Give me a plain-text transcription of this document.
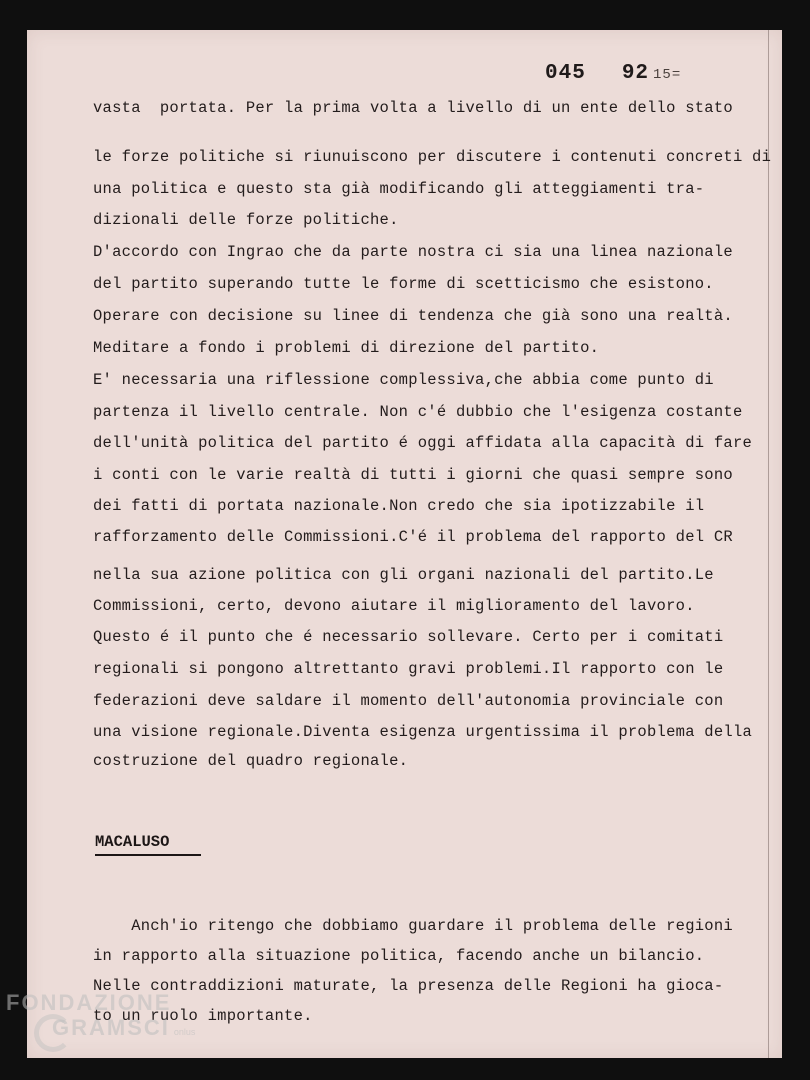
045 92 15=
vasta  portata. Per la prima volta a livello di un ente dello stato
le forze politiche si riunuiscono per discutere i contenuti concreti di
una politica e questo sta già modificando gli atteggiamenti tra-
dizionali delle forze politiche.
D'accordo con Ingrao che da parte nostra ci sia una linea nazionale
del partito superando tutte le forme di scetticismo che esistono.
Operare con decisione su linee di tendenza che già sono una realtà.
Meditare a fondo i problemi di direzione del partito.
E' necessaria una riflessione complessiva,che abbia come punto di
partenza il livello centrale. Non c'é dubbio che l'esigenza costante
dell'unità politica del partito é oggi affidata alla capacità di fare
i conti con le varie realtà di tutti i giorni che quasi sempre sono
dei fatti di portata nazionale.Non credo che sia ipotizzabile il
rafforzamento delle Commissioni.C'é il problema del rapporto del CR
nella sua azione politica con gli organi nazionali del partito.Le
Commissioni, certo, devono aiutare il miglioramento del lavoro.
Questo é il punto che é necessario sollevare. Certo per i comitati
regionali si pongono altrettanto gravi problemi.Il rapporto con le
federazioni deve saldare il momento dell'autonomia provinciale con
una visione regionale.Diventa esigenza urgentissima il problema della
costruzione del quadro regionale.
MACALUSO
Anch'io ritengo che dobbiamo guardare il problema delle regioni
in rapporto alla situazione politica, facendo anche un bilancio.
Nelle contraddizioni maturate, la presenza delle Regioni ha gioca-
to un ruolo importante.
FONDAZIONE
GRAMSCI onlus
